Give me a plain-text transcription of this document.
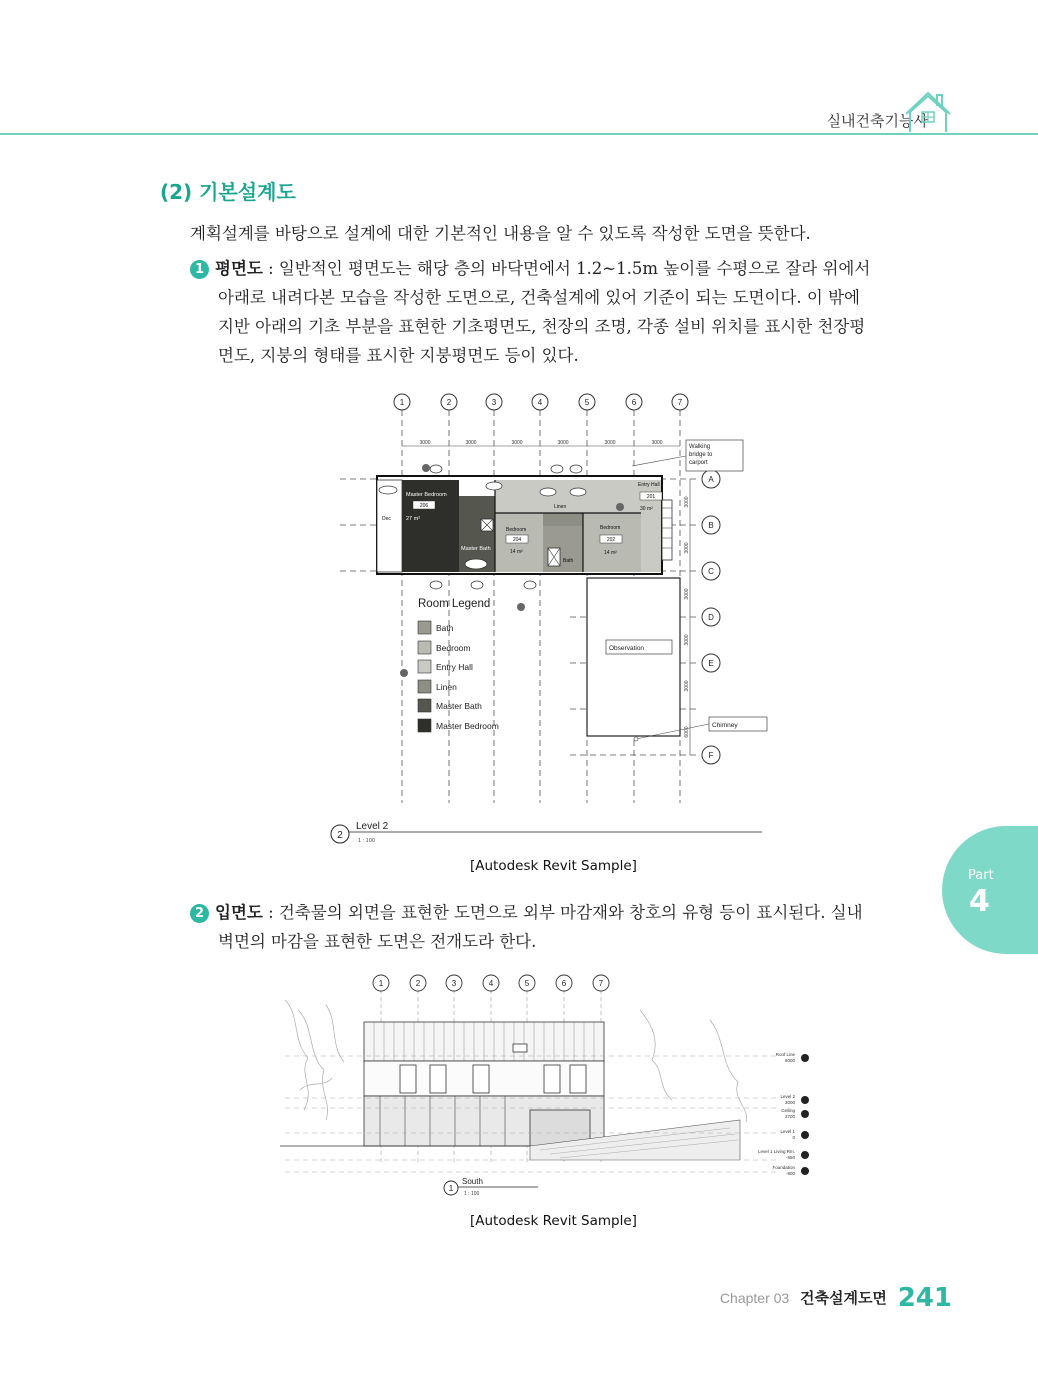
실내건축기능사
(2) 기본설계도
계획설계를 바탕으로 설계에 대한 기본적인 내용을 알 수 있도록 작성한 도면을 뜻한다.
1 평면도 : 일반적인 평면도는 해당 층의 바닥면에서 1.2~1.5m 높이를 수평으로 잘라 위에서
아래로 내려다본 모습을 작성한 도면으로, 건축설계에 있어 기준이 되는 도면이다. 이 밖에
지반 아래의 기초 부분을 표현한 기초평면도, 천장의 조명, 각종 설비 위치를 표시한 천장평
면도, 지붕의 형태를 표시한 지붕평면도 등이 있다.
1	2	3	4	5	6	7
A
B
C
D
E
F
3000	3000	3000	3000	3000	3000
3000
3000
3000
3000
3000
6000
Master Bedroom
27 m²
Master Bath
206
Bedroom
14 m²
Bedroom
14 m²
Entry Hall
30 m²
Linen
Bath
Dec
204	202
201
Walking
bridge to
carport
Observation
Chimney
Room Legend
Bath
Bedroom
Entry Hall
Linen
Master Bath
Master Bedroom
2
Level 2
1 : 100
[Autodesk Revit Sample]
2 입면도 : 건축물의 외면을 표현한 도면으로 외부 마감재와 창호의 유형 등이 표시된다. 실내
벽면의 마감을 표현한 도면은 전개도라 한다.
1	2	3	4	5	6	7
Roof Line
6000
Level 2
3000
Ceiling
2700
Level 1
0
Level 1 Living Rm.
-550
Foundation
-800
1
South
1 : 100
[Autodesk Revit Sample]
Part
4
Chapter 03 건축설계도면 241
